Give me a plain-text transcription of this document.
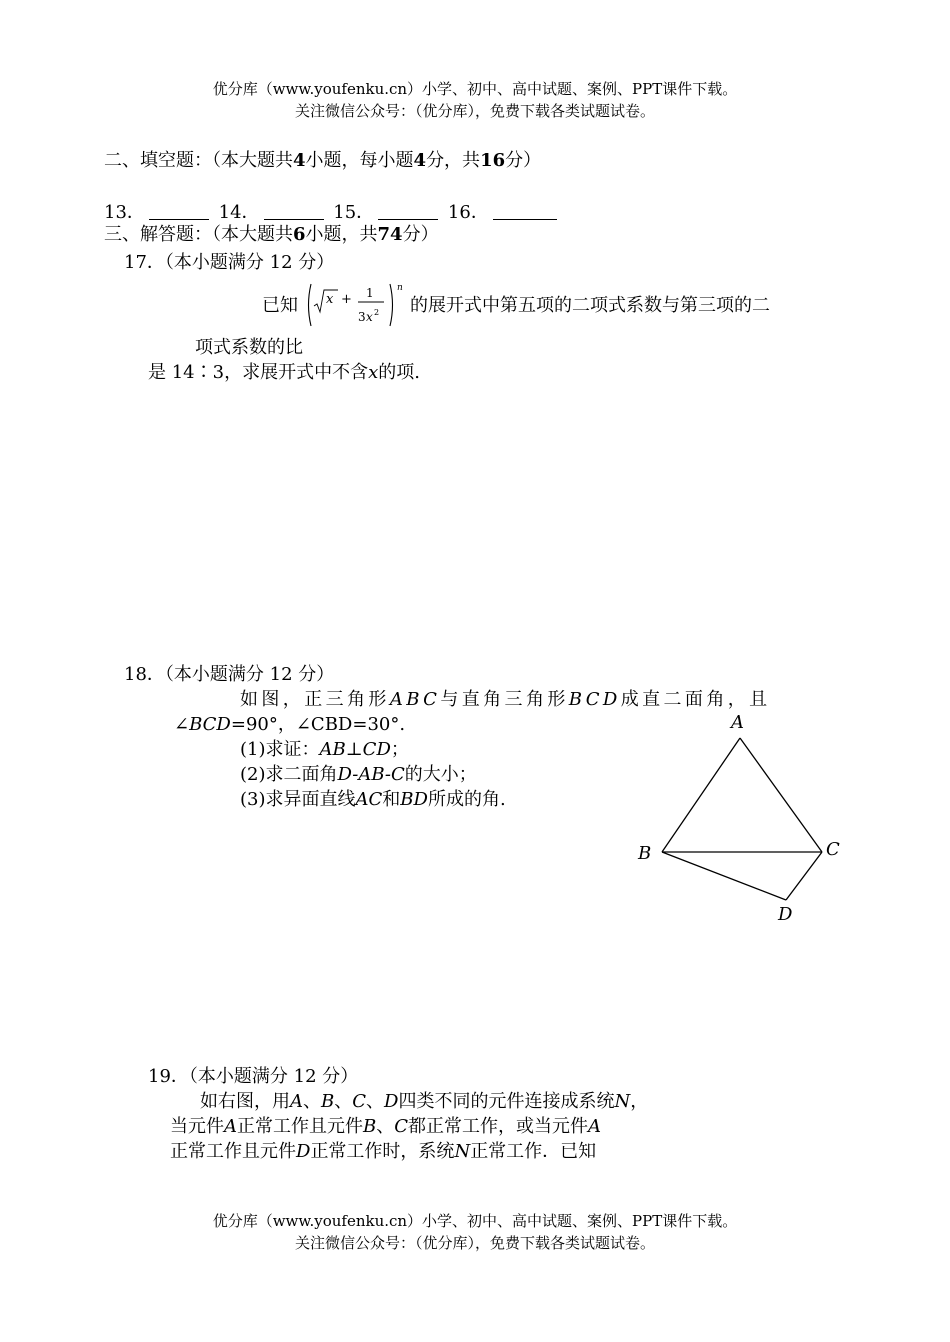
优分库（www.youfenku.cn）小学、初中、高中试题、案例、PPT课件下载。
关注微信公众号：（优分库），免费下载各类试题试卷。
二、填空题：（本大题共4小题，每小题4分，共16分）
13．	14．	15．	16．
三、解答题：（本大题共6小题，共74分）
17．（本小题满分 12 分）
已知 x + 1
3 x 2
n
的展开式中第五项的二项式系数与第三项的二
项式系数的比
是 14∶3，求展开式中不含x的项.
18．（本小题满分 12 分）
如图，正三角形ABC与直角三角形BCD成直二面角，且
∠BCD=90°，∠CBD=30°.
(1)求证：AB⊥CD；
(2)求二面角D-AB-C的大小；
(3)求异面直线AC和BD所成的角.
A
B	C
D
19．（本小题满分 12 分）
如右图，用A、B、C、D四类不同的元件连接成系统N，
当元件A正常工作且元件B、C都正常工作，或当元件A
正常工作且元件D正常工作时，系统N正常工作．已知
优分库（www.youfenku.cn）小学、初中、高中试题、案例、PPT课件下载。
关注微信公众号：（优分库），免费下载各类试题试卷。
